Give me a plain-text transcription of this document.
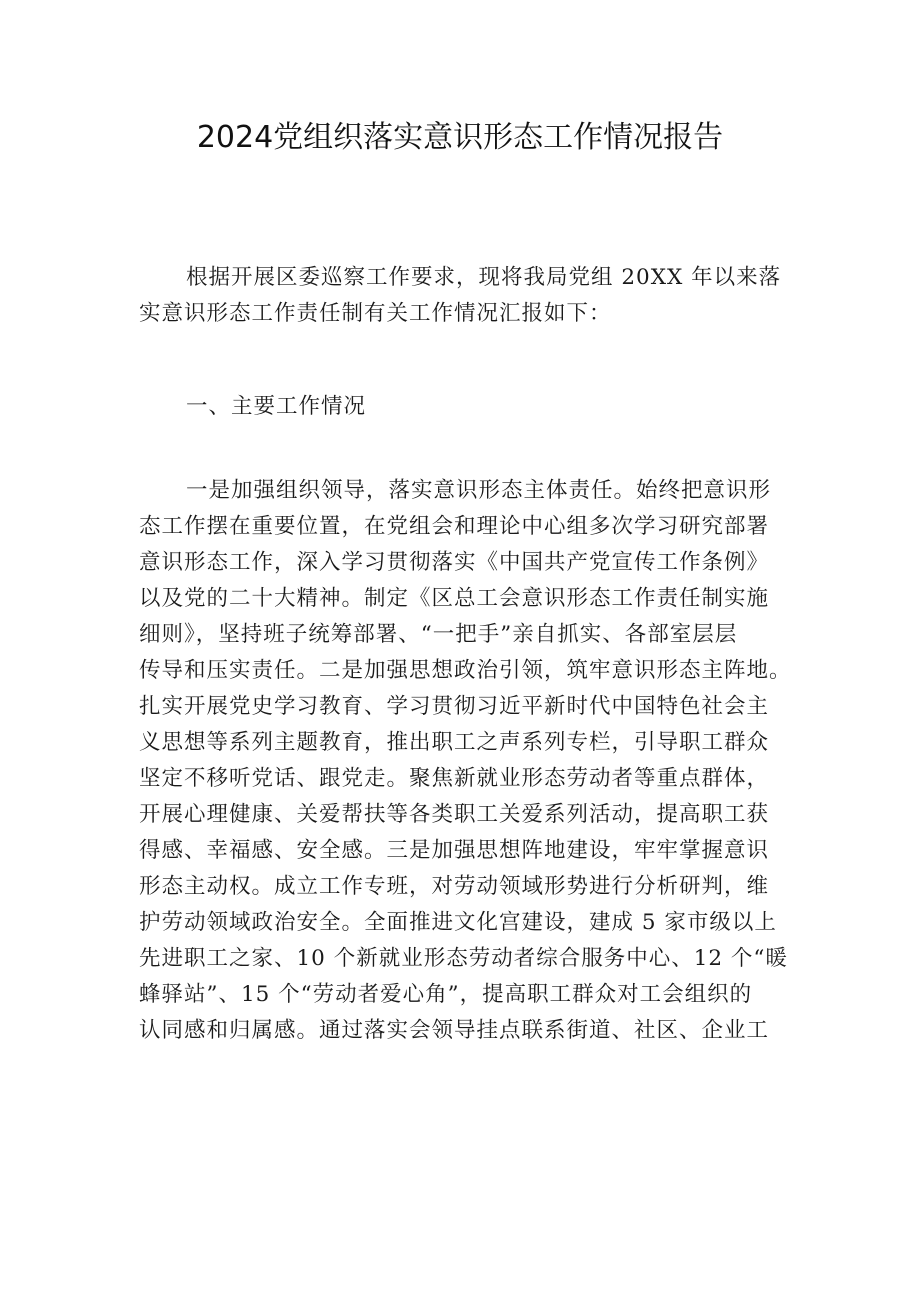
2024党组织落实意识形态工作情况报告

根据开展区委巡察工作要求，现将我局党组 20XX 年以来落
实意识形态工作责任制有关工作情况汇报如下：

一、主要工作情况

一是加强组织领导，落实意识形态主体责任。始终把意识形
态工作摆在重要位置，在党组会和理论中心组多次学习研究部署
意识形态工作，深入学习贯彻落实《中国共产党宣传工作条例》
以及党的二十大精神。制定《区总工会意识形态工作责任制实施
细则》，坚持班子统筹部署、“一把手”亲自抓实、各部室层层
传导和压实责任。二是加强思想政治引领，筑牢意识形态主阵地。
扎实开展党史学习教育、学习贯彻习近平新时代中国特色社会主
义思想等系列主题教育，推出职工之声系列专栏，引导职工群众
坚定不移听党话、跟党走。聚焦新就业形态劳动者等重点群体，
开展心理健康、关爱帮扶等各类职工关爱系列活动，提高职工获
得感、幸福感、安全感。三是加强思想阵地建设，牢牢掌握意识
形态主动权。成立工作专班，对劳动领域形势进行分析研判，维
护劳动领域政治安全。全面推进文化宫建设，建成 5 家市级以上
先进职工之家、10 个新就业形态劳动者综合服务中心、12 个“暖
蜂驿站”、15 个“劳动者爱心角”，提高职工群众对工会组织的
认同感和归属感。通过落实会领导挂点联系街道、社区、企业工
